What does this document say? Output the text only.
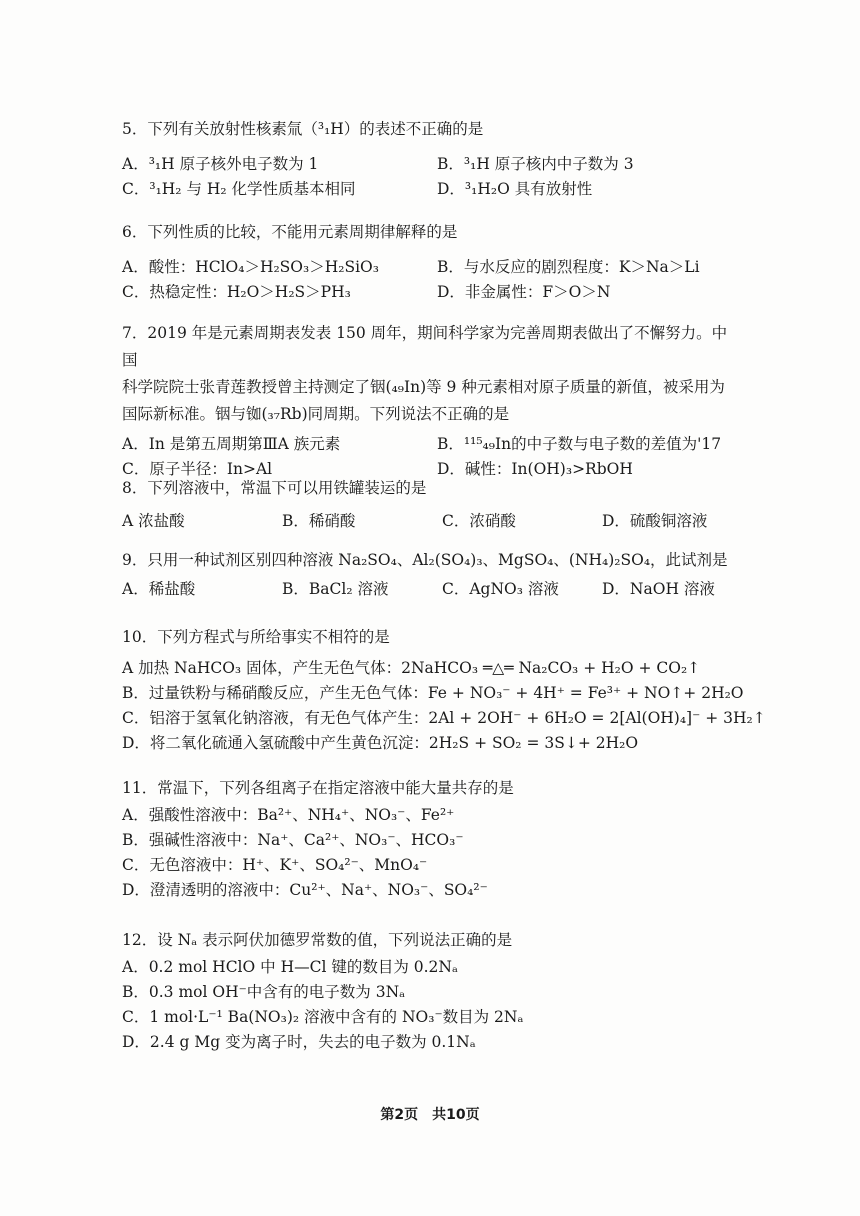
5．下列有关放射性核素氚（³₁H）的表述不正确的是
A．³₁H 原子核外电子数为 1	B．³₁H 原子核内中子数为 3
C．³₁H₂ 与 H₂ 化学性质基本相同	D．³₁H₂O 具有放射性
6．下列性质的比较，不能用元素周期律解释的是
A．酸性：HClO₄＞H₂SO₃＞H₂SiO₃	B．与水反应的剧烈程度：K＞Na＞Li
C．热稳定性：H₂O＞H₂S＞PH₃	D．非金属性：F＞O＞N
7．2019 年是元素周期表发表 150 周年，期间科学家为完善周期表做出了不懈努力。中国
科学院院士张青莲教授曾主持测定了铟(₄₉In)等 9 种元素相对原子质量的新值，被采用为
国际新标准。铟与铷(₃₇Rb)同周期。下列说法不正确的是
A．In 是第五周期第ⅢA 族元素	B．¹¹⁵₄₉In的中子数与电子数的差值为'17
C．原子半径：In>Al	D．碱性：In(OH)₃>RbOH
8．下列溶液中，常温下可以用铁罐装运的是
A 浓盐酸	B．稀硝酸	C．浓硝酸	D．硫酸铜溶液
9．只用一种试剂区别四种溶液 Na₂SO₄、Al₂(SO₄)₃、MgSO₄、(NH₄)₂SO₄，此试剂是
A．稀盐酸	B．BaCl₂ 溶液	C．AgNO₃ 溶液	D．NaOH 溶液
10．下列方程式与所给事实不相符的是
A 加热 NaHCO₃ 固体，产生无色气体：2NaHCO₃ ═△═ Na₂CO₃ + H₂O + CO₂↑
B．过量铁粉与稀硝酸反应，产生无色气体：Fe + NO₃⁻ + 4H⁺ = Fe³⁺ + NO↑+ 2H₂O
C．铝溶于氢氧化钠溶液，有无色气体产生：2Al + 2OH⁻ + 6H₂O = 2[Al(OH)₄]⁻ + 3H₂↑
D．将二氧化硫通入氢硫酸中产生黄色沉淀：2H₂S + SO₂ = 3S↓+ 2H₂O
11．常温下，下列各组离子在指定溶液中能大量共存的是
A．强酸性溶液中：Ba²⁺、NH₄⁺、NO₃⁻、Fe²⁺
B．强碱性溶液中：Na⁺、Ca²⁺、NO₃⁻、HCO₃⁻
C．无色溶液中：H⁺、K⁺、SO₄²⁻、MnO₄⁻
D．澄清透明的溶液中：Cu²⁺、Na⁺、NO₃⁻、SO₄²⁻
12．设 Nₐ 表示阿伏加德罗常数的值，下列说法正确的是
A．0.2 mol HClO 中 H—Cl 键的数目为 0.2Nₐ
B．0.3 mol OH⁻中含有的电子数为 3Nₐ
C．1 mol·L⁻¹ Ba(NO₃)₂ 溶液中含有的 NO₃⁻数目为 2Nₐ
D．2.4 g Mg 变为离子时，失去的电子数为 0.1Nₐ
第2页　共10页
